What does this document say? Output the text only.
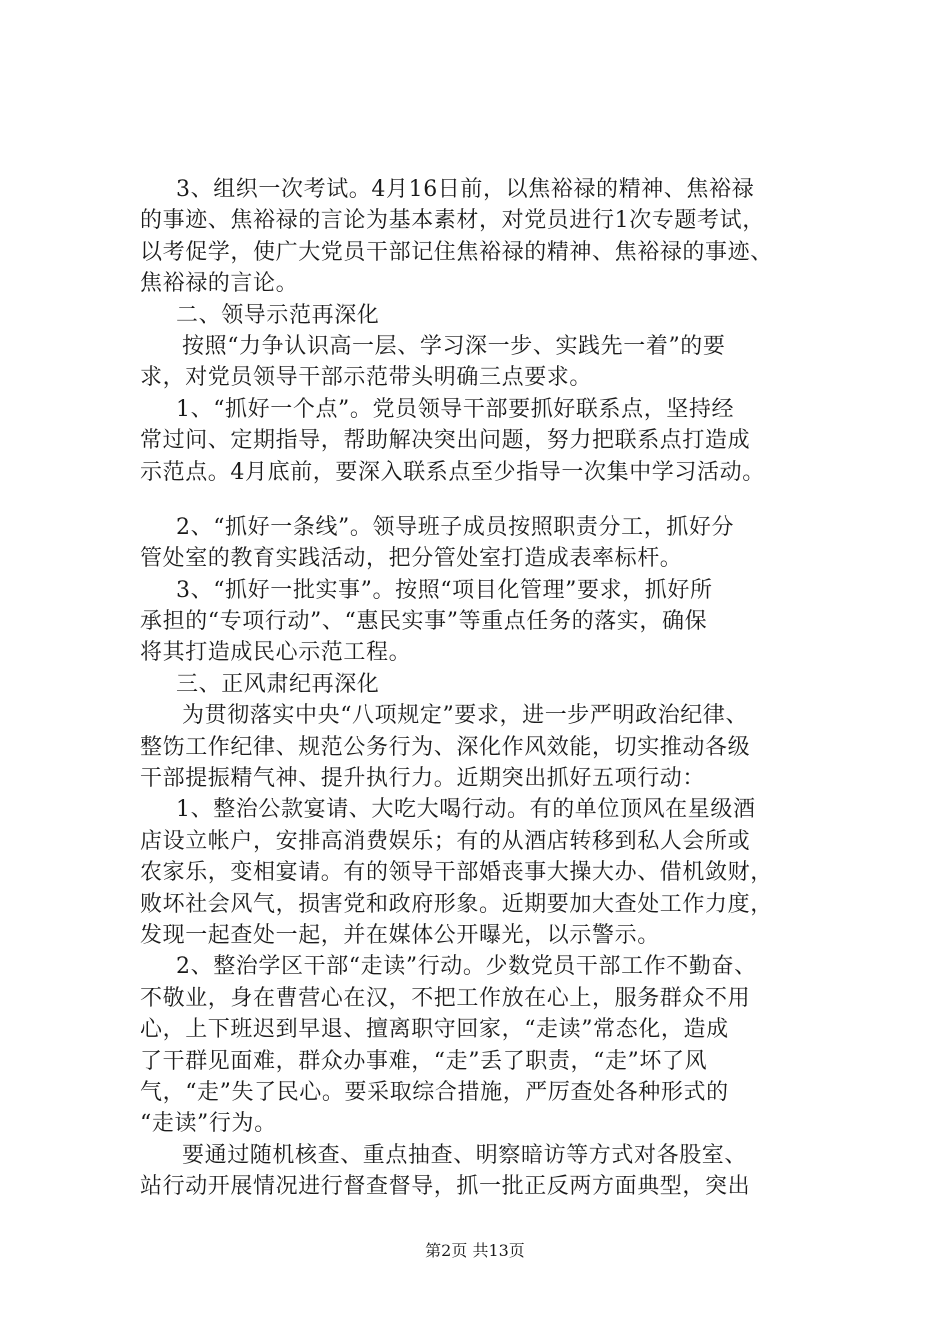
3、组织一次考试。4月16日前，以焦裕禄的精神、焦裕禄
的事迹、焦裕禄的言论为基本素材，对党员进行1次专题考试，
以考促学，使广大党员干部记住焦裕禄的精神、焦裕禄的事迹、
焦裕禄的言论。
二、领导示范再深化
按照“力争认识高一层、学习深一步、实践先一着”的要
求，对党员领导干部示范带头明确三点要求。
1、“抓好一个点”。党员领导干部要抓好联系点，坚持经
常过问、定期指导，帮助解决突出问题，努力把联系点打造成
示范点。4月底前，要深入联系点至少指导一次集中学习活动。
2、“抓好一条线”。领导班子成员按照职责分工，抓好分
管处室的教育实践活动，把分管处室打造成表率标杆。
3、“抓好一批实事”。按照“项目化管理”要求，抓好所
承担的“专项行动”、“惠民实事”等重点任务的落实，确保
将其打造成民心示范工程。
三、正风肃纪再深化
为贯彻落实中央“八项规定”要求，进一步严明政治纪律、
整饬工作纪律、规范公务行为、深化作风效能，切实推动各级
干部提振精气神、提升执行力。近期突出抓好五项行动：
1、整治公款宴请、大吃大喝行动。有的单位顶风在星级酒
店设立帐户，安排高消费娱乐；有的从酒店转移到私人会所或
农家乐，变相宴请。有的领导干部婚丧事大操大办、借机敛财，
败坏社会风气，损害党和政府形象。近期要加大查处工作力度，
发现一起查处一起，并在媒体公开曝光，以示警示。
2、整治学区干部“走读”行动。少数党员干部工作不勤奋、
不敬业，身在曹营心在汉，不把工作放在心上，服务群众不用
心，上下班迟到早退、擅离职守回家，“走读”常态化，造成
了干群见面难，群众办事难，“走”丢了职责，“走”坏了风
气，“走”失了民心。要采取综合措施，严厉查处各种形式的
“走读”行为。
要通过随机核查、重点抽查、明察暗访等方式对各股室、
站行动开展情况进行督查督导，抓一批正反两方面典型，突出
第2页 共13页
